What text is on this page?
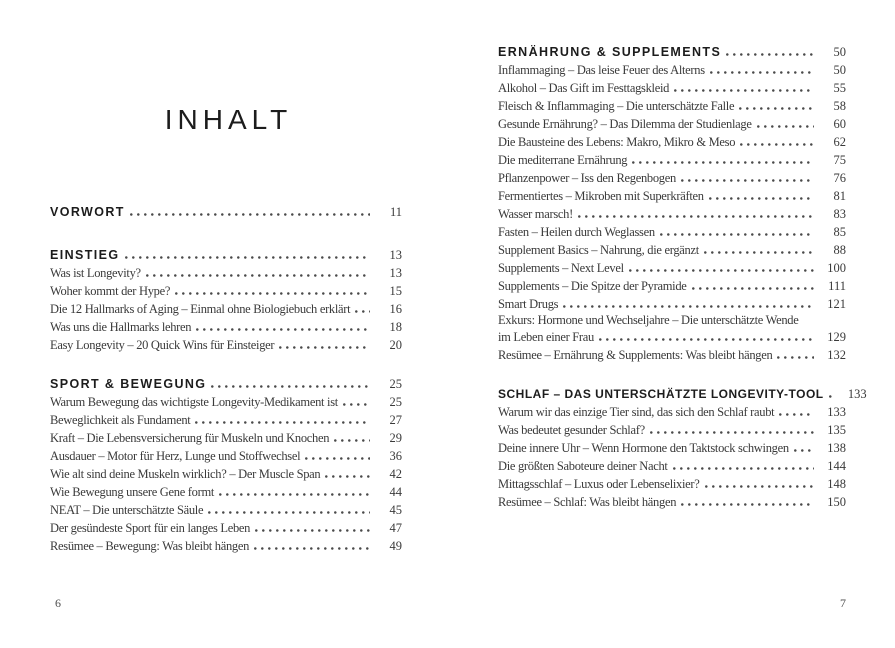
INHALT
VORWORT	11
EINSTIEG	13
Was ist Longevity?	13
Woher kommt der Hype?	15
Die 12 Hallmarks of Aging – Einmal ohne Biologiebuch erklärt	16
Was uns die Hallmarks lehren	18
Easy Longevity – 20 Quick Wins für Einsteiger	20
SPORT & BEWEGUNG	25
Warum Bewegung das wichtigste Longevity-Medikament ist	25
Beweglichkeit als Fundament	27
Kraft – Die Lebensversicherung für Muskeln und Knochen	29
Ausdauer – Motor für Herz, Lunge und Stoffwechsel	36
Wie alt sind deine Muskeln wirklich? – Der Muscle Span	42
Wie Bewegung unsere Gene formt	44
NEAT – Die unterschätzte Säule	45
Der gesündeste Sport für ein langes Leben	47
Resümee – Bewegung: Was bleibt hängen	49
ERNÄHRUNG & SUPPLEMENTS	50
Inflammaging – Das leise Feuer des Alterns	50
Alkohol – Das Gift im Festtagskleid	55
Fleisch & Inflammaging – Die unterschätzte Falle	58
Gesunde Ernährung? – Das Dilemma der Studienlage	60
Die Bausteine des Lebens: Makro, Mikro & Meso	62
Die mediterrane Ernährung	75
Pflanzenpower – Iss den Regenbogen	76
Fermentiertes – Mikroben mit Superkräften	81
Wasser marsch!	83
Fasten – Heilen durch Weglassen	85
Supplement Basics – Nahrung, die ergänzt	88
Supplements – Next Level	100
Supplements – Die Spitze der Pyramide	111
Smart Drugs	121
Exkurs: Hormone und Wechseljahre – Die unterschätzte Wende
im Leben einer Frau	129
Resümee – Ernährung & Supplements: Was bleibt hängen	132
SCHLAF – DAS UNTERSCHÄTZTE LONGEVITY-TOOL	133
Warum wir das einzige Tier sind, das sich den Schlaf raubt	133
Was bedeutet gesunder Schlaf?	135
Deine innere Uhr – Wenn Hormone den Taktstock schwingen	138
Die größten Saboteure deiner Nacht	144
Mittagsschlaf – Luxus oder Lebenselixier?	148
Resümee – Schlaf: Was bleibt hängen	150
6	7
